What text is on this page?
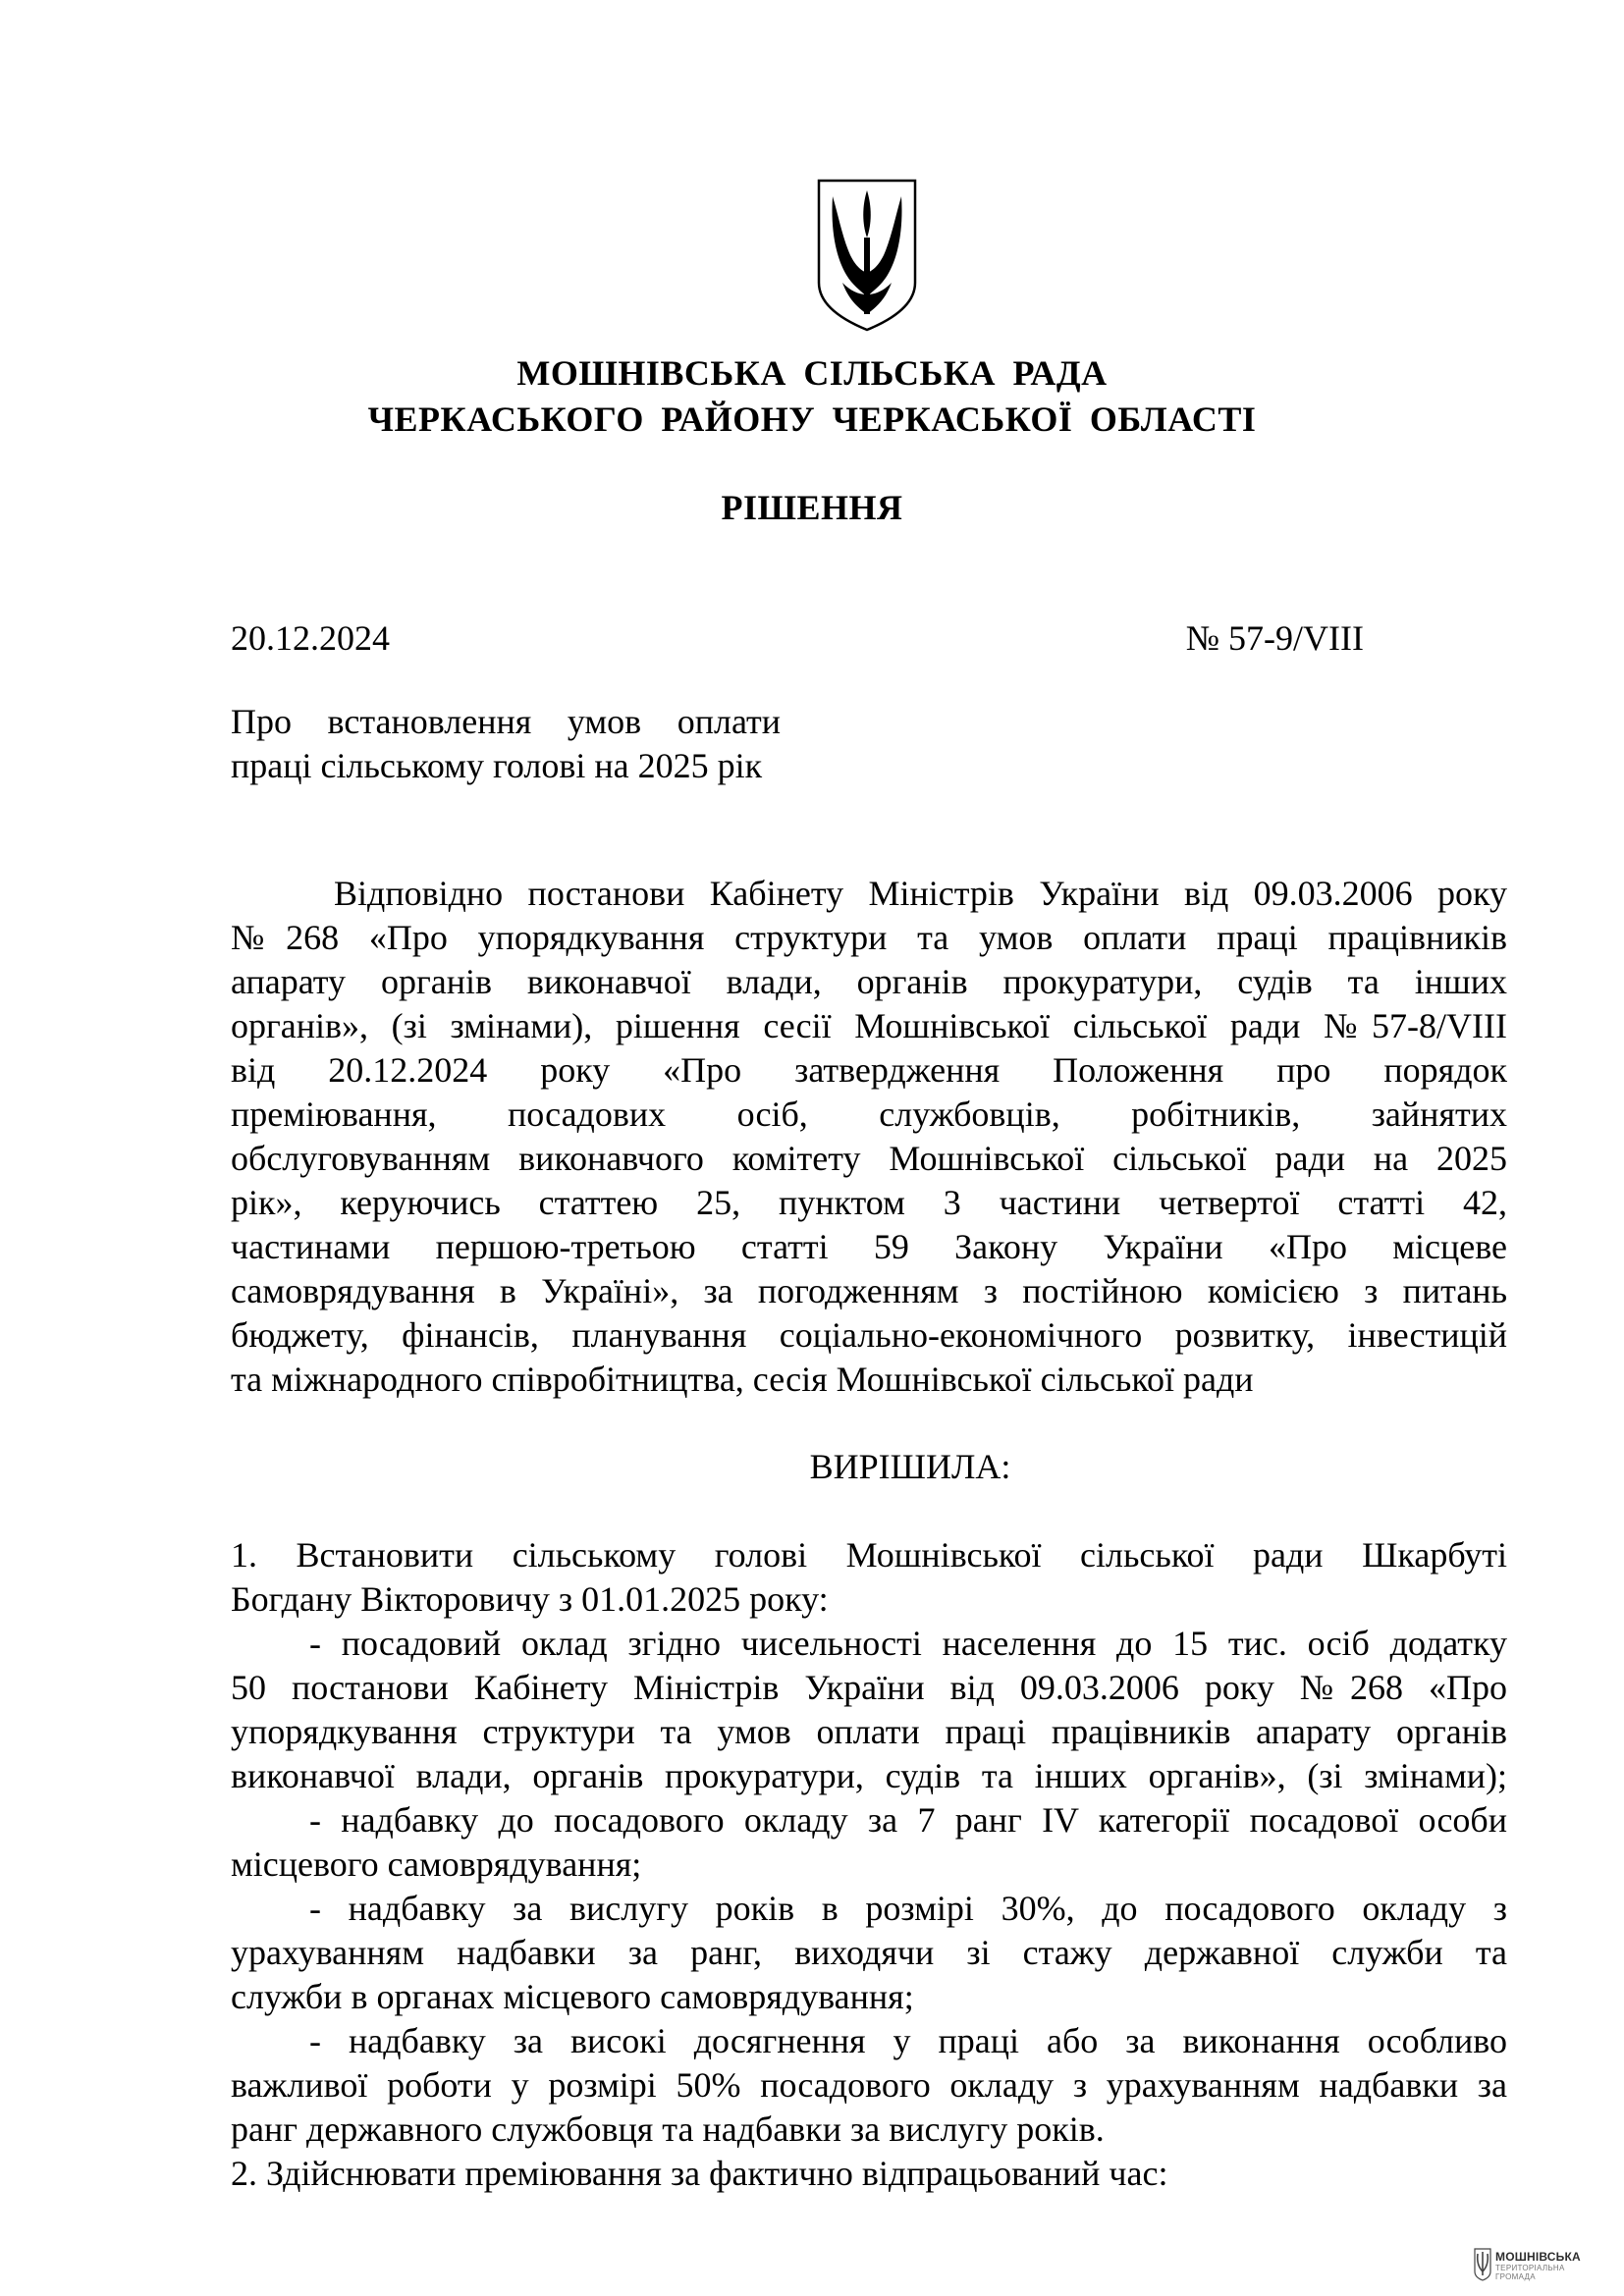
МОШНІВСЬКА СІЛЬСЬКА РАДА
ЧЕРКАСЬКОГО РАЙОНУ ЧЕРКАСЬКОЇ ОБЛАСТІ
РІШЕННЯ
20.12.2024	№ 57-9/VIII
Про встановлення умов оплати праці сільському голові на 2025 рік
Відповідно постанови Кабінету Міністрів України від 09.03.2006 року
№268 «Про упорядкування структури та умов оплати праці працівників
апарату органів виконавчої влади, органів прокуратури, судів та інших
органів», (зі змінами), рішення сесії Мошнівської сільської ради №57-8/VIII
від 20.12.2024 року «Про затвердження Положення про порядок
преміювання, посадових осіб, службовців, робітників, зайнятих
обслуговуванням виконавчого комітету Мошнівської сільської ради на 2025
рік», керуючись статтею 25, пунктом 3 частини четвертої статті 42,
частинами першою-третьою статті 59 Закону України «Про місцеве
самоврядування в Україні», за погодженням з постійною комісією з питань
бюджету, фінансів, планування соціально-економічного розвитку, інвестицій
та міжнародного співробітництва, сесія Мошнівської сільської ради
ВИРІШИЛА:
1. Встановити сільському голові Мошнівської сільської ради Шкарбуті
Богдану Вікторовичу з 01.01.2025 року:
- посадовий оклад згідно чисельності населення до 15 тис. осіб додатку
50 постанови Кабінету Міністрів України від 09.03.2006 року №268 «Про
упорядкування структури та умов оплати праці працівників апарату органів
виконавчої влади, органів прокуратури, судів та інших органів», (зі змінами);
- надбавку до посадового окладу за 7 ранг IV категорії посадової особи
місцевого самоврядування;
- надбавку за вислугу років в розмірі 30%, до посадового окладу з
урахуванням надбавки за ранг, виходячи зі стажу державної служби та
служби в органах місцевого самоврядування;
- надбавку за високі досягнення у праці або за виконання особливо
важливої роботи у розмірі 50% посадового окладу з урахуванням надбавки за
ранг державного службовця та надбавки за вислугу років.
2. Здійснювати преміювання за фактично відпрацьований час:
МОШНІВСЬКА
ТЕРИТОРІАЛЬНА
ГРОМАДА
